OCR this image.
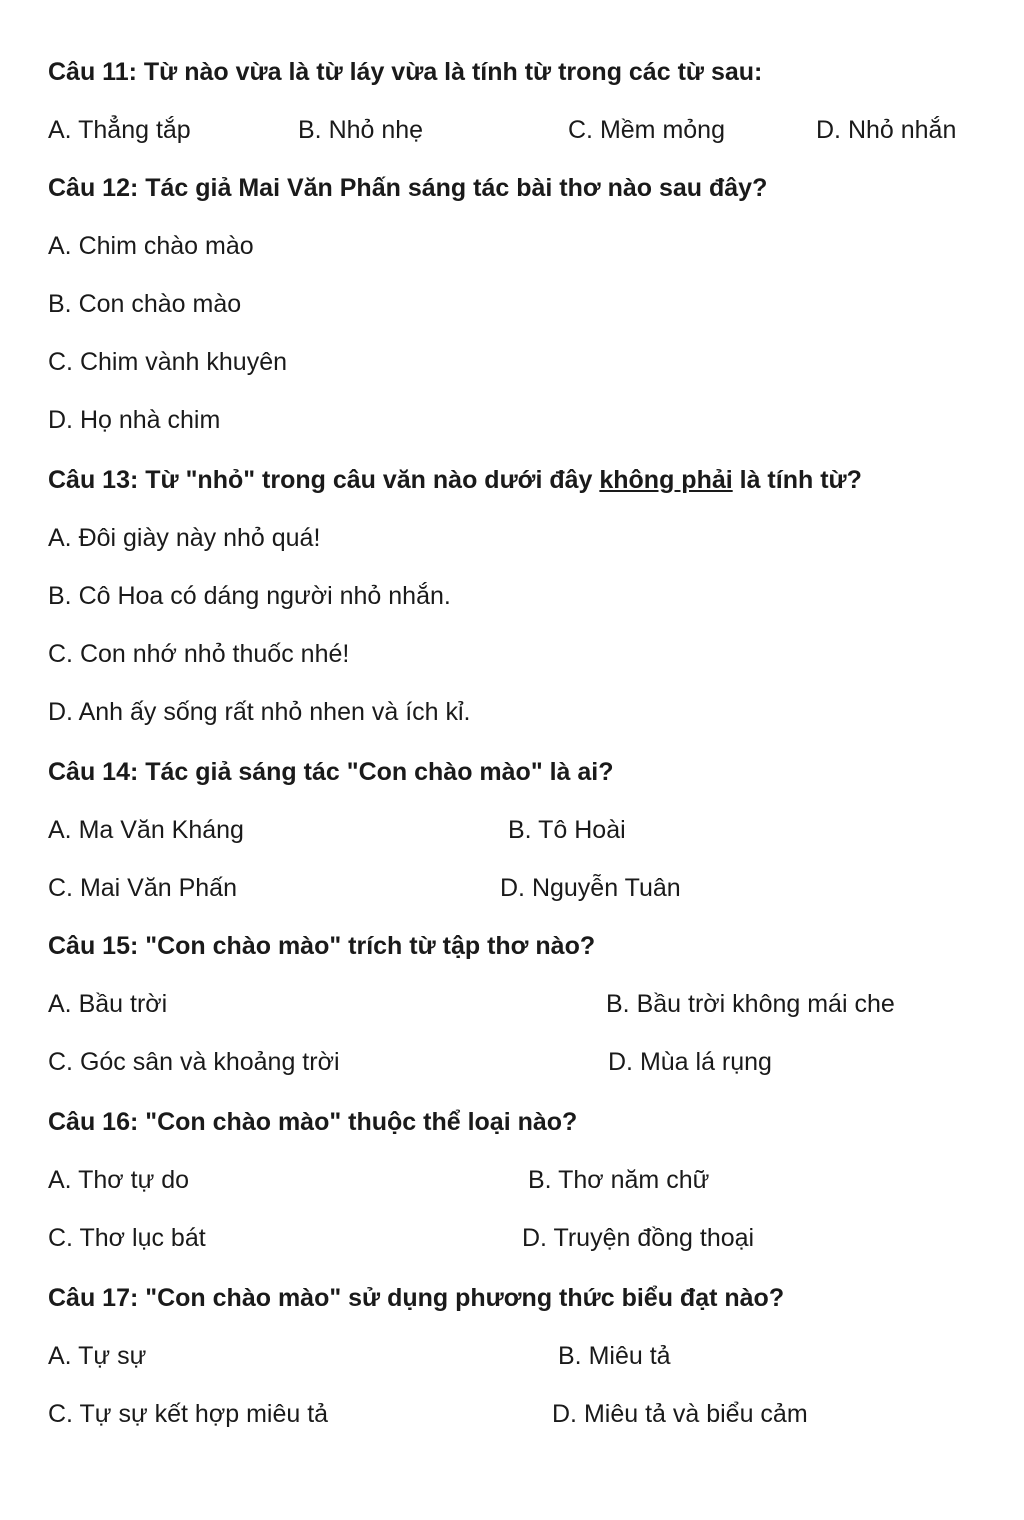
Câu 11: Từ nào vừa là từ láy vừa là tính từ trong các từ sau:
A. Thẳng tắp	B. Nhỏ nhẹ	C. Mềm mỏng	D. Nhỏ nhắn
Câu 12: Tác giả Mai Văn Phấn sáng tác bài thơ nào sau đây?
A. Chim chào mào
B. Con chào mào
C. Chim vành khuyên
D. Họ nhà chim
Câu 13: Từ "nhỏ" trong câu văn nào dưới đây không phải là tính từ?
A. Đôi giày này nhỏ quá!
B. Cô Hoa có dáng người nhỏ nhắn.
C. Con nhớ nhỏ thuốc nhé!
D. Anh ấy sống rất nhỏ nhen và ích kỉ.
Câu 14: Tác giả sáng tác "Con chào mào" là ai?
A. Ma Văn Kháng	B. Tô Hoài
C. Mai Văn Phấn	D. Nguyễn Tuân
Câu 15: "Con chào mào" trích từ tập thơ nào?
A. Bầu trời	B. Bầu trời không mái che
C. Góc sân và khoảng trời	D. Mùa lá rụng
Câu 16: "Con chào mào" thuộc thể loại nào?
A. Thơ tự do	B. Thơ năm chữ
C. Thơ lục bát	D. Truyện đồng thoại
Câu 17: "Con chào mào" sử dụng phương thức biểu đạt nào?
A. Tự sự	B. Miêu tả
C. Tự sự kết hợp miêu tả	D. Miêu tả và biểu cảm
